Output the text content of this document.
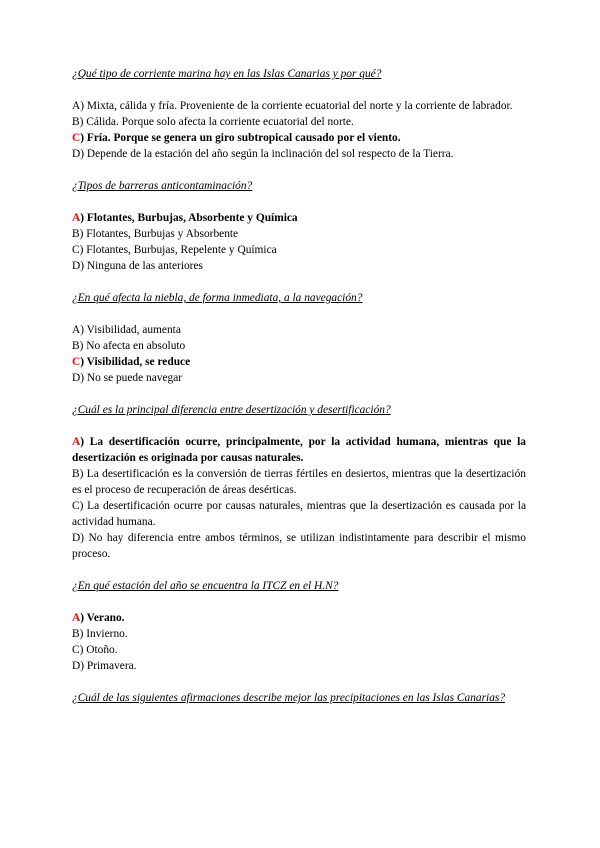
¿Qué tipo de corriente marina hay en las Islas Canarias y por qué?

A) Mixta, cálida y fría. Proveniente de la corriente ecuatorial del norte y la corriente de labrador.

B) Cálida. Porque solo afecta la corriente ecuatorial del norte.

C) Fría. Porque se genera un giro subtropical causado por el viento.

D) Depende de la estación del año según la inclinación del sol respecto de la Tierra.

¿Tipos de barreras anticontaminación?

A) Flotantes, Burbujas, Absorbente y Química

B) Flotantes, Burbujas y Absorbente

C) Flotantes, Burbujas, Repelente y Química

D) Ninguna de las anteriores

¿En qué afecta la niebla, de forma inmediata, a la navegación?

A) Visibilidad, aumenta

B) No afecta en absoluto

C) Visibilidad, se reduce

D) No se puede navegar

¿Cuál es la principal diferencia entre desertización y desertificación?

A) La desertificación ocurre, principalmente, por la actividad humana, mientras que la desertización es originada por causas naturales.

B) La desertificación es la conversión de tierras fértiles en desiertos, mientras que la desertización es el proceso de recuperación de áreas desérticas.

C) La desertificación ocurre por causas naturales, mientras que la desertización es causada por la actividad humana.

D) No hay diferencia entre ambos términos, se utilizan indistintamente para describir el mismo proceso.

¿En qué estación del año se encuentra la ITCZ en el H.N?

A) Verano.

B) Invierno.

C) Otoño.

D) Primavera.

¿Cuál de las siguientes afirmaciones describe mejor las precipitaciones en las Islas Canarias?
